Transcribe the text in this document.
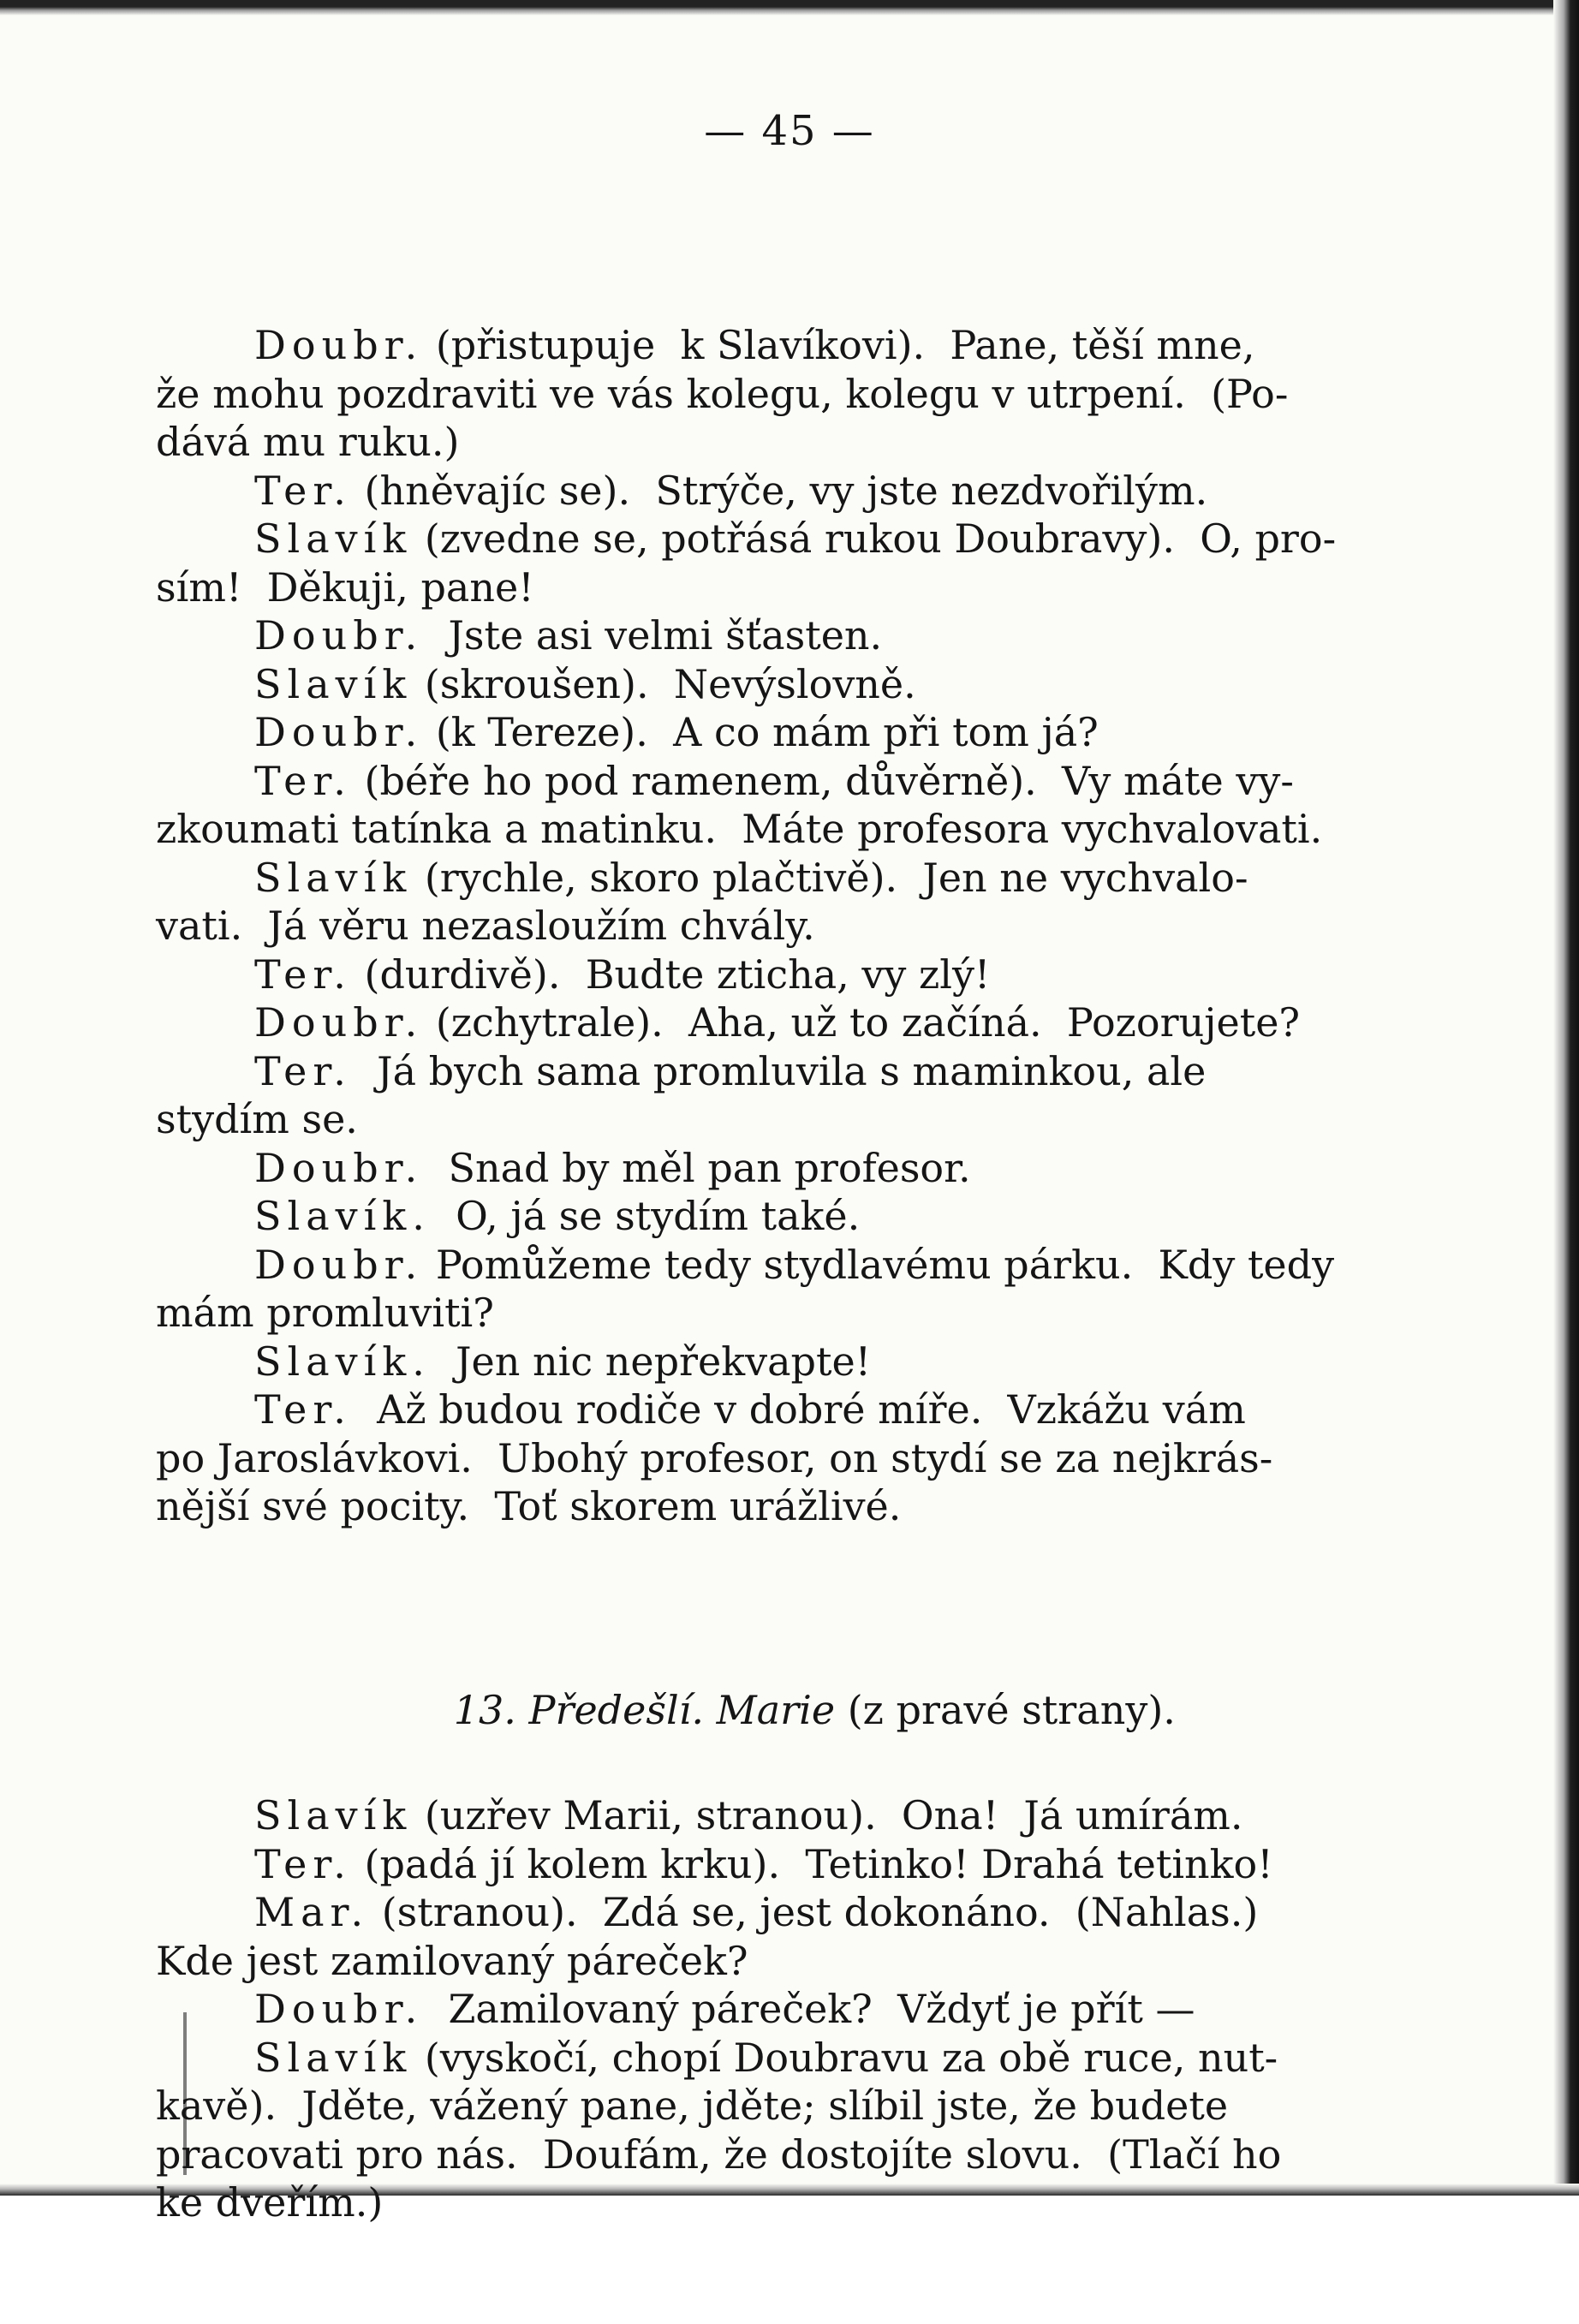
— 45 —

Doubr. (přistupuje  k Slavíkovi).  Pane, těší mne,
že mohu pozdraviti ve vás kolegu, kolegu v utrpení.  (Po-
dává mu ruku.)
Ter. (hněvajíc se).  Strýče, vy jste nezdvořilým.
Slavík (zvedne se, potřásá rukou Doubravy).  O, pro-
sím!  Děkuji, pane!
Doubr.  Jste asi velmi šťasten.
Slavík (skroušen).  Nevýslovně.
Doubr. (k Tereze).  A co mám při tom já?
Ter. (béře ho pod ramenem, důvěrně).  Vy máte vy-
zkoumati tatínka a matinku.  Máte profesora vychvalovati.
Slavík (rychle, skoro plačtivě).  Jen ne vychvalo-
vati.  Já věru nezasloužím chvály.
Ter. (durdivě).  Budte zticha, vy zlý!
Doubr. (zchytrale).  Aha, už to začíná.  Pozorujete?
Ter.  Já bych sama promluvila s maminkou, ale
stydím se.
Doubr.  Snad by měl pan profesor.
Slavík.  O, já se stydím také.
Doubr. Pomůžeme tedy stydlavému párku.  Kdy tedy
mám promluviti?
Slavík.  Jen nic nepřekvapte!
Ter.  Až budou rodiče v dobré míře.  Vzkážu vám
po Jaroslávkovi.  Ubohý profesor, on stydí se za nejkrás-
nější své pocity.  Toť skorem urážlivé.

13. Předešlí. Marie (z pravé strany).

Slavík (uzřev Marii, stranou).  Ona!  Já umírám.
Ter. (padá jí kolem krku).  Tetinko! Drahá tetinko!
Mar. (stranou).  Zdá se, jest dokonáno.  (Nahlas.)
Kde jest zamilovaný páreček?
Doubr.  Zamilovaný páreček?  Vždyť je přít —
Slavík (vyskočí, chopí Doubravu za obě ruce, nut-
kavě).  Jděte, vážený pane, jděte; slíbil jste, že budete
pracovati pro nás.  Doufám, že dostojíte slovu.  (Tlačí ho
ke dveřím.)
